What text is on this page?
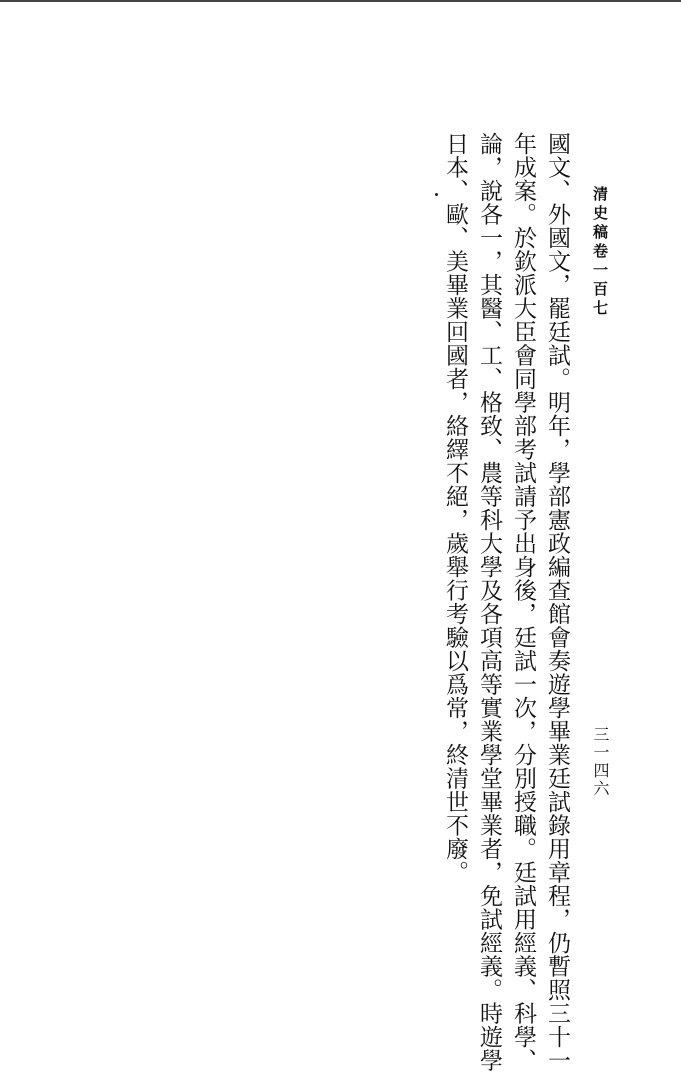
清史稿卷一百七
三一四六
國文、外國文，罷廷試。明年，學部憲政編查館會奏遊學畢業廷試錄用章程，仍暫照三十一
年成案。於欽派大臣會同學部考試請予出身後，廷試一次，分別授職。廷試用經義、科學、
論，說各一，其醫、工、格致、農等科大學及各項高等實業學堂畢業者，免試經義。時遊學
日本、歐、美畢業回國者，絡繹不絕，歲舉行考驗以爲常，終清世不廢。
